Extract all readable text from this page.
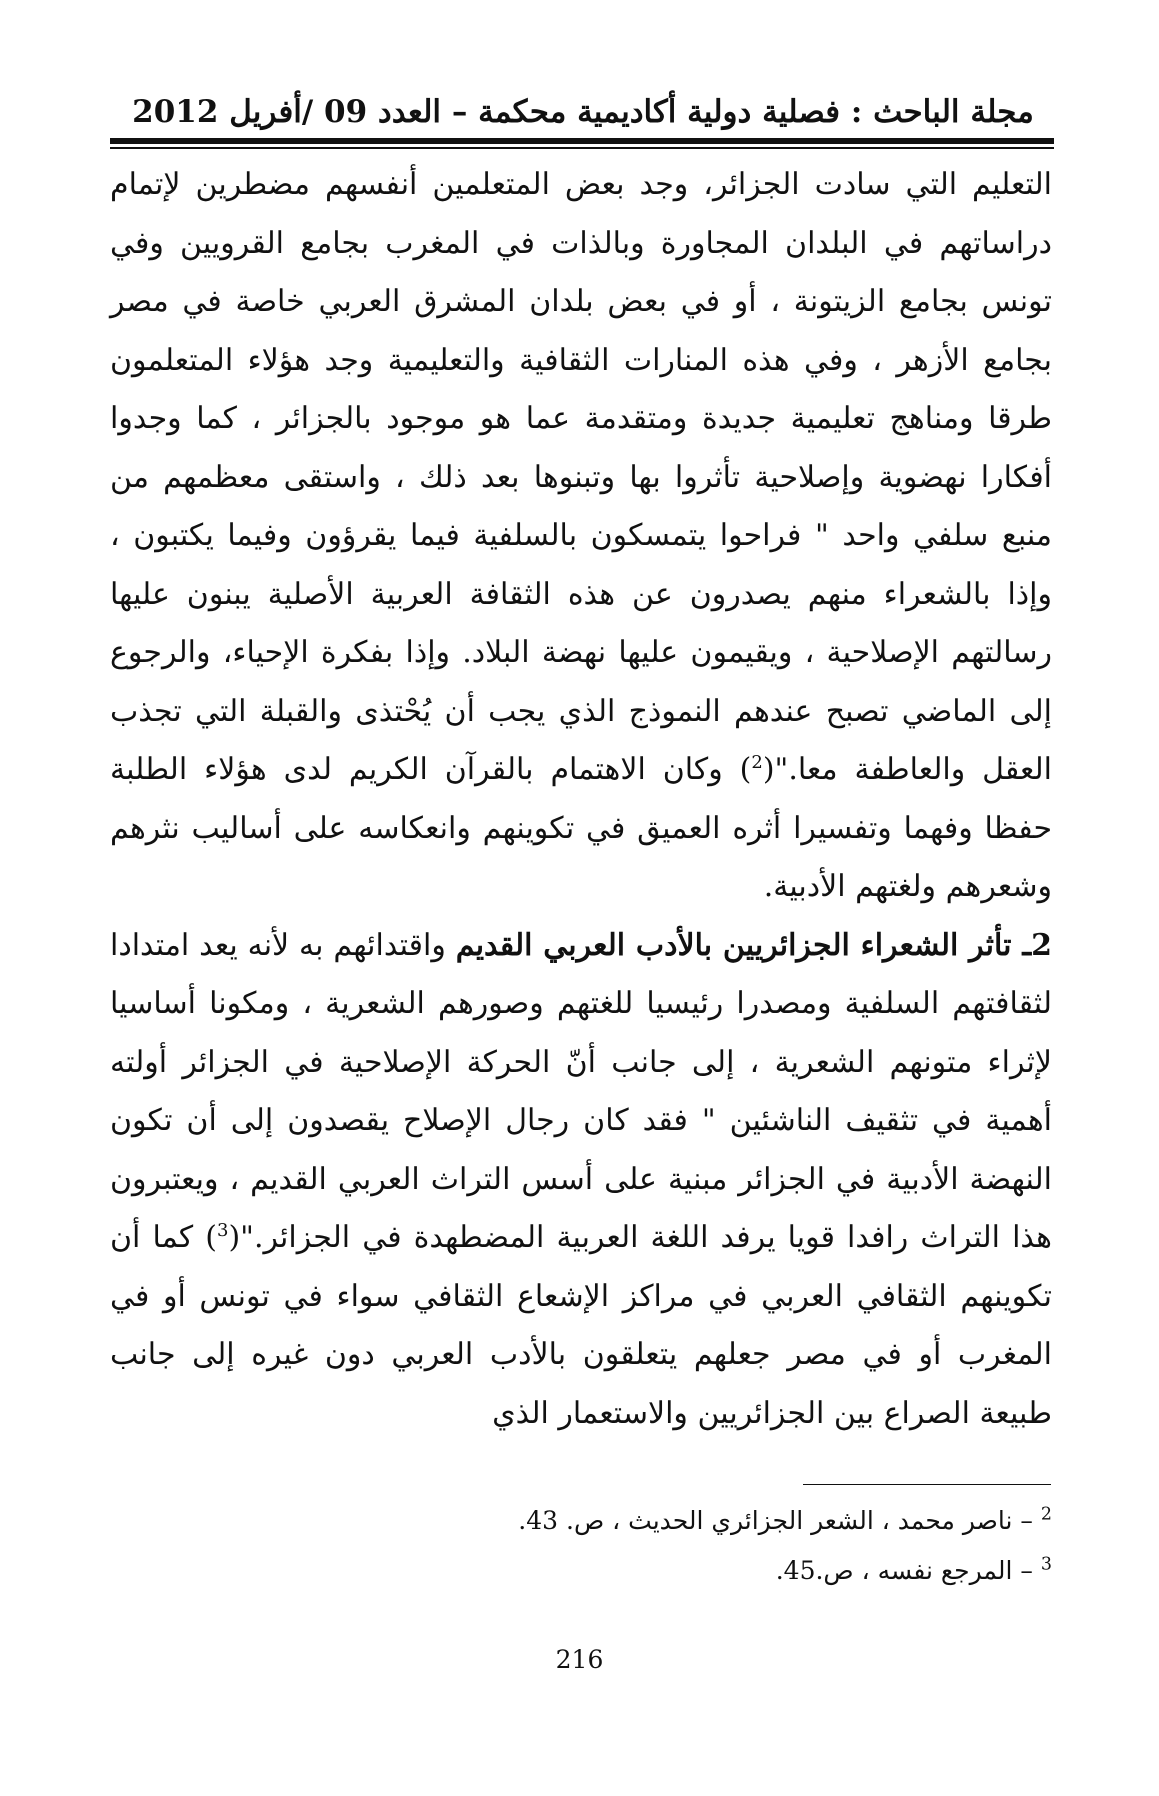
مجلة الباحث : فصلية دولية أكاديمية محكمة – العدد 09 /أفريل 2012

التعليم التي سادت الجزائر، وجد بعض المتعلمين أنفسهم مضطرين لإتمام دراساتهم في البلدان المجاورة وبالذات في المغرب بجامع القرويين وفي تونس بجامع الزيتونة ، أو في بعض بلدان المشرق العربي خاصة في مصر بجامع الأزهر ، وفي هذه المنارات الثقافية والتعليمية وجد هؤلاء المتعلمون طرقا ومناهج تعليمية جديدة ومتقدمة عما هو موجود بالجزائر ، كما وجدوا أفكارا نهضوية وإصلاحية تأثروا بها وتبنوها بعد ذلك ، واستقى معظمهم من منبع سلفي واحد " فراحوا يتمسكون بالسلفية فيما يقرؤون وفيما يكتبون ، وإذا بالشعراء منهم يصدرون عن هذه الثقافة العربية الأصلية يبنون عليها رسالتهم الإصلاحية ، ويقيمون عليها نهضة البلاد. وإذا بفكرة الإحياء، والرجوع إلى الماضي تصبح عندهم النموذج الذي يجب أن يُحْتذى والقبلة التي تجذب العقل والعاطفة معا."($^2$) وكان الاهتمام بالقرآن الكريم لدى هؤلاء الطلبة حفظا وفهما وتفسيرا أثره العميق في تكوينهم وانعكاسه على أساليب نثرهم وشعرهم ولغتهم الأدبية.

2ـ تأثر الشعراء الجزائريين بالأدب العربي القديم واقتدائهم به لأنه يعد امتدادا لثقافتهم السلفية ومصدرا رئيسيا للغتهم وصورهم الشعرية ، ومكونا أساسيا لإثراء متونهم الشعرية ، إلى جانب أنّ الحركة الإصلاحية في الجزائر أولته أهمية في تثقيف الناشئين " فقد كان رجال الإصلاح يقصدون إلى أن تكون النهضة الأدبية في الجزائر مبنية على أسس التراث العربي القديم ، ويعتبرون هذا التراث رافدا قويا يرفد اللغة العربية المضطهدة في الجزائر."($^3$) كما أن تكوينهم الثقافي العربي في مراكز الإشعاع الثقافي سواء في تونس أو في المغرب أو في مصر جعلهم يتعلقون بالأدب العربي دون غيره إلى جانب طبيعة الصراع بين الجزائريين والاستعمار الذي

$^2$ – ناصر محمد ، الشعر الجزائري الحديث ، ص. 43.

$^3$ – المرجع نفسه ، ص.45.

216
